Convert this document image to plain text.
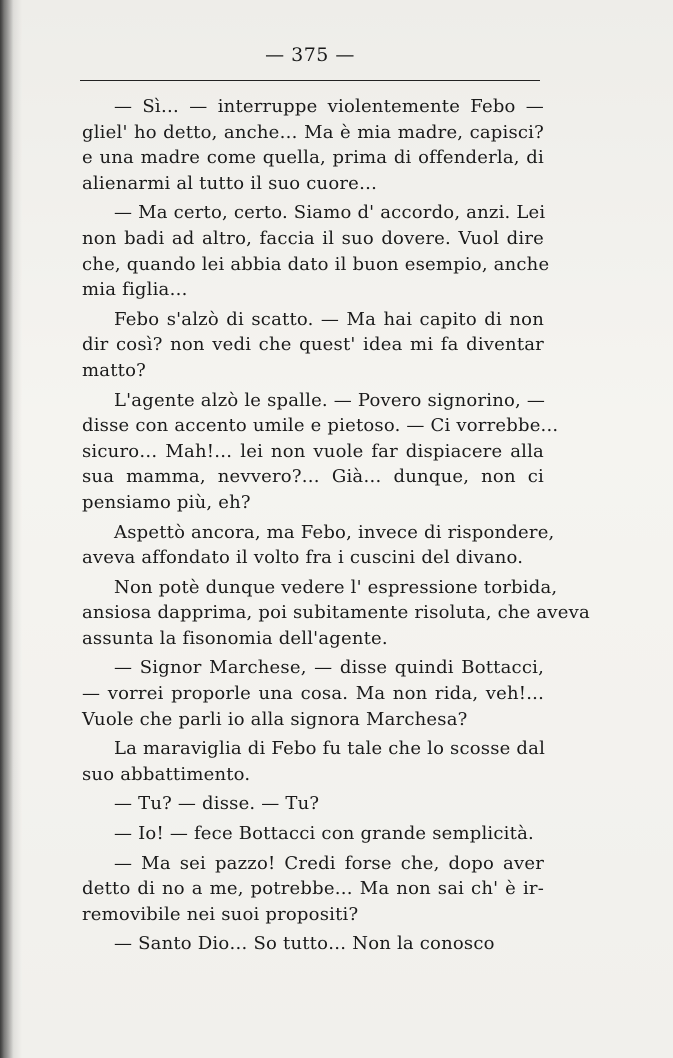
— 375 —
— Sì… — interruppe violentemente Febo —
gliel' ho detto, anche… Ma è mia madre, capisci?
e una madre come quella, prima di offenderla, di
alienarmi al tutto il suo cuore…
— Ma certo, certo. Siamo d' accordo, anzi. Lei
non badi ad altro, faccia il suo dovere. Vuol dire
che, quando lei abbia dato il buon esempio, anche
mia figlia…
Febo s'alzò di scatto. — Ma hai capito di non
dir così? non vedi che quest' idea mi fa diventar
matto?
L'agente alzò le spalle. — Povero signorino, —
disse con accento umile e pietoso. — Ci vorrebbe...
sicuro… Mah!… lei non vuole far dispiacere alla
sua mamma, nevvero?… Già… dunque, non ci
pensiamo più, eh?
Aspettò ancora, ma Febo, invece di rispondere,
aveva affondato il volto fra i cuscini del divano.
Non potè dunque vedere l' espressione torbida,
ansiosa dapprima, poi subitamente risoluta, che aveva
assunta la fisonomia dell'agente.
— Signor Marchese, — disse quindi Bottacci,
— vorrei proporle una cosa. Ma non rida, veh!...
Vuole che parli io alla signora Marchesa?
La maraviglia di Febo fu tale che lo scosse dal
suo abbattimento.
— Tu? — disse. — Tu?
— Io! — fece Bottacci con grande semplicità.
— Ma sei pazzo! Credi forse che, dopo aver
detto di no a me, potrebbe… Ma non sai ch' è ir-
removibile nei suoi propositi?
— Santo Dio… So tutto… Non la conosco
